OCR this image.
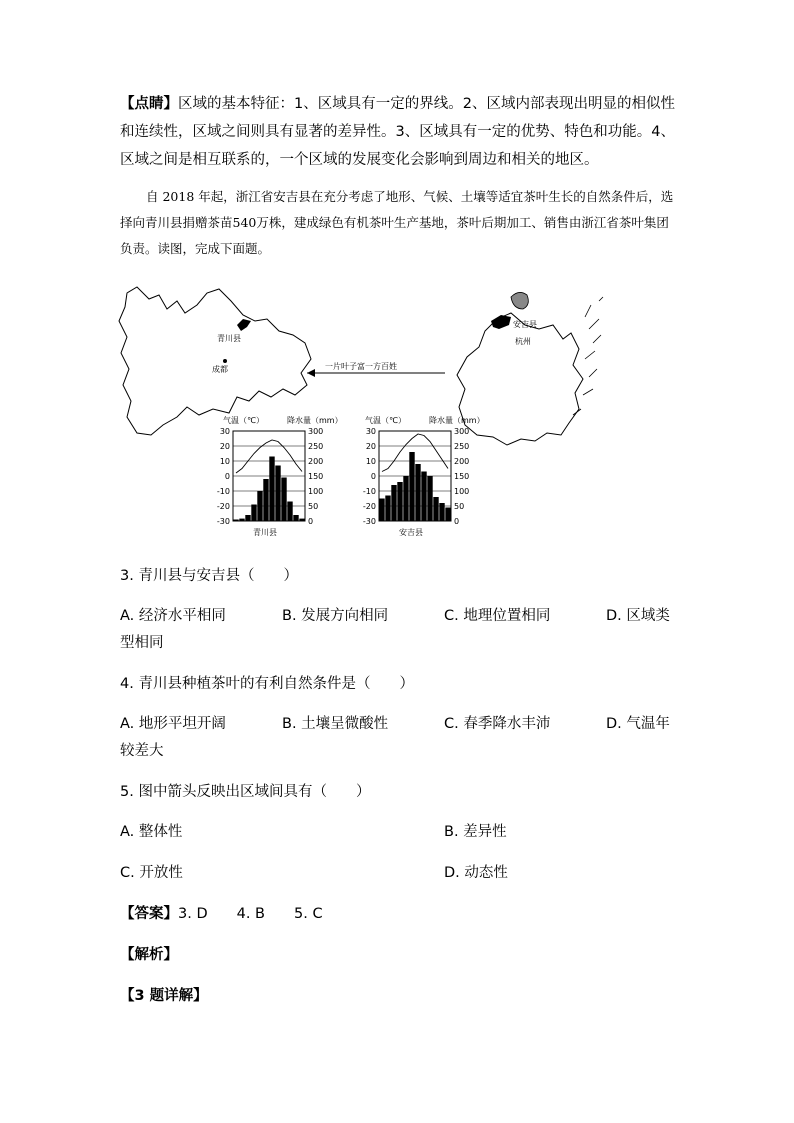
【点睛】区域的基本特征：1、区域具有一定的界线。2、区域内部表现出明显的相似性和连续性，区域之间则具有显著的差异性。3、区域具有一定的优势、特色和功能。4、区域之间是相互联系的，一个区域的发展变化会影响到周边和相关的地区。

自 2018 年起，浙江省安吉县在充分考虑了地形、气候、土壤等适宜茶叶生长的自然条件后，选择向青川县捐赠茶苗540万株，建成绿色有机茶叶生产基地，茶叶后期加工、销售由浙江省茶叶集团负责。读图，完成下面题。

青川县
成都
安吉县
杭州
一片叶子富一方百姓
气温（℃）	降水量（mm）
30
20
10
0
-10
-20
-30
300
250
200
150
100
50
0
青川县
气温（℃）	降水量（mm）
30
20
10
0
-10
-20
-30
300
250
200
150
100
50
0
安吉县

3. 青川县与安吉县（　　）

A. 经济水平相同	B. 发展方向相同	C. 地理位置相同	D. 区域类
型相同

4. 青川县种植茶叶的有利自然条件是（　　）

A. 地形平坦开阔	B. 土壤呈微酸性	C. 春季降水丰沛	D. 气温年
较差大

5. 图中箭头反映出区域间具有（　　）

A. 整体性	B. 差异性
C. 开放性	D. 动态性

【答案】3. D　　4. B　　5. C

【解析】

【3 题详解】
